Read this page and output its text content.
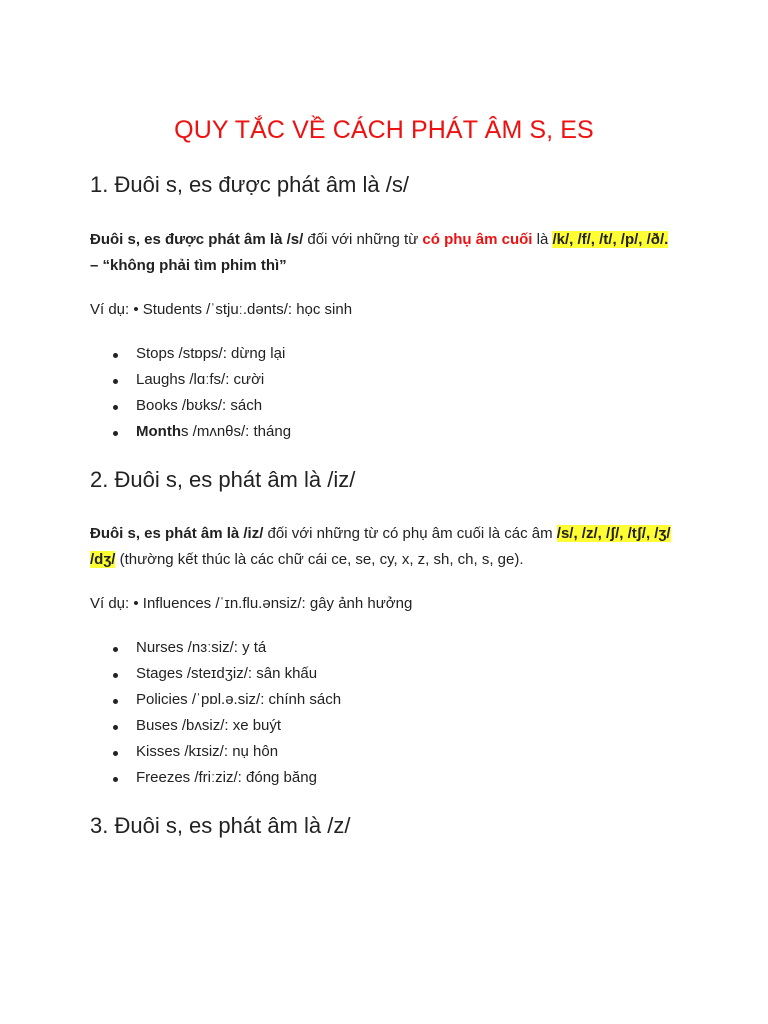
QUY TẮC VỀ CÁCH PHÁT ÂM S, ES
1. Đuôi s, es được phát âm là /s/

Đuôi s, es được phát âm là /s/ đối với những từ có phụ âm cuối là /k/, /f/, /t/, /p/, /ð/.
– “không phải tìm phim thì”

Ví dụ: • Students /ˈstjuː.dənts/: học sinh

Stops /stɒps/: dừng lại
Laughs /lɑːfs/: cười
Books /bʊks/: sách
Months /mʌnθs/: tháng
2. Đuôi s, es phát âm là /iz/

Đuôi s, es phát âm là /iz/ đối với những từ có phụ âm cuối là các âm /s/, /z/, /ʃ/, /tʃ/, /ʒ/
/dʒ/ (thường kết thúc là các chữ cái ce, se, cy, x, z, sh, ch, s, ge).

Ví dụ: • Influences /ˈɪn.flu.ənsiz/: gây ảnh hưởng

Nurses /nɜːsiz/: y tá
Stages /steɪdʒiz/: sân khấu
Policies /ˈpɒl.ə.siz/: chính sách
Buses /bʌsiz/: xe buýt
Kisses /kɪsiz/: nụ hôn
Freezes /friːziz/: đóng băng
3. Đuôi s, es phát âm là /z/
